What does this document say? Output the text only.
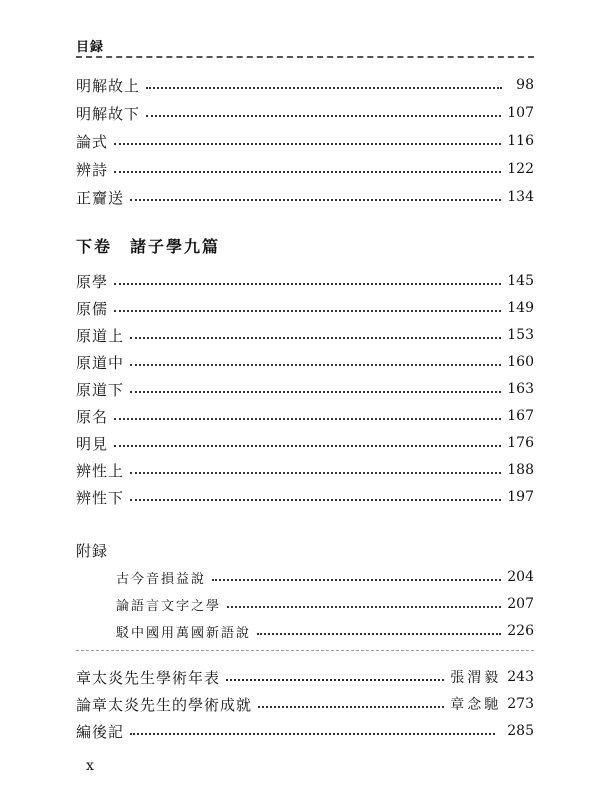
目録
明解故上	98
明解故下	107
論式	116
辨詩	122
正齎送	134
下卷 諸子學九篇
原學	145
原儒	149
原道上	153
原道中	160
原道下	163
原名	167
明見	176
辨性上	188
辨性下	197
附録
古今音損益說	204
論語言文字之學	207
駁中國用萬國新語說	226
章太炎先生學術年表	張渭毅 243
論章太炎先生的學術成就	章念馳 273
編後記	285
x
